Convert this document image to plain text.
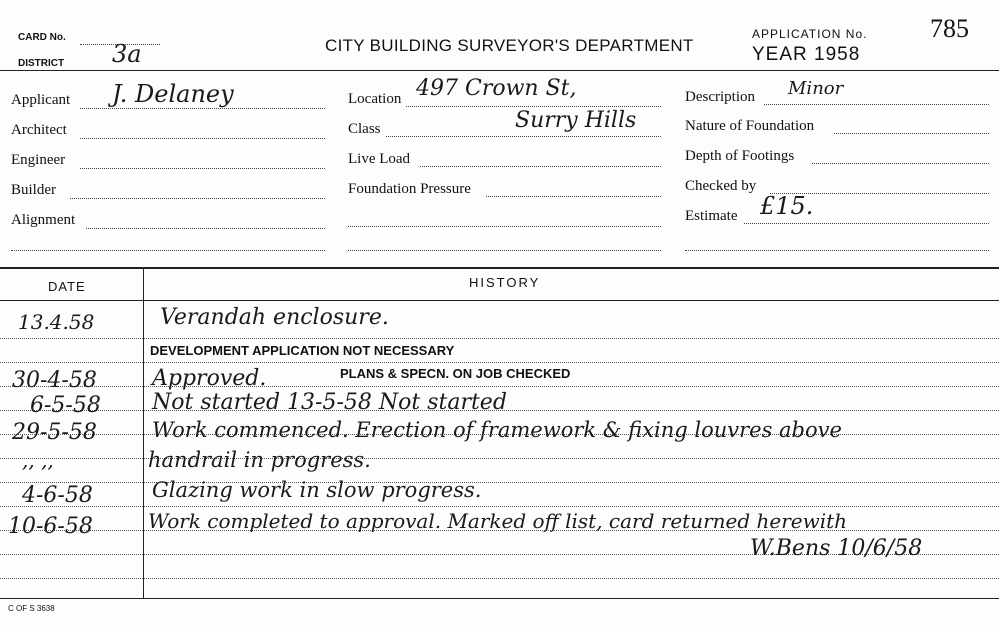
CARD No.
DISTRICT 3a	CITY BUILDING SURVEYOR'S DEPARTMENT
APPLICATION No.
YEAR 1958
785
Applicant J. Delaney
Architect
Engineer
Builder
Alignment
Location 497 Crown St,
Class	Surry Hills
Live Load
Foundation Pressure
Description Minor
Nature of Foundation
Depth of Footings
Checked by
Estimate £15.
DATE	HISTORY
13.4.58	Verandah enclosure.
DEVELOPMENT APPLICATION NOT NECESSARY
30-4-58	Approved.	PLANS & SPECN. ON JOB CHECKED
6-5-58 Not started 13-5-58 Not started
29-5-58	Work commenced. Erection of framework & fixing louvres above
,, ,,	handrail in progress.
4-6-58	Glazing work in slow progress.
10-6-58	Work completed to approval. Marked off list, card returned herewith
W.Bens 10/6/58
C OF S 3638
